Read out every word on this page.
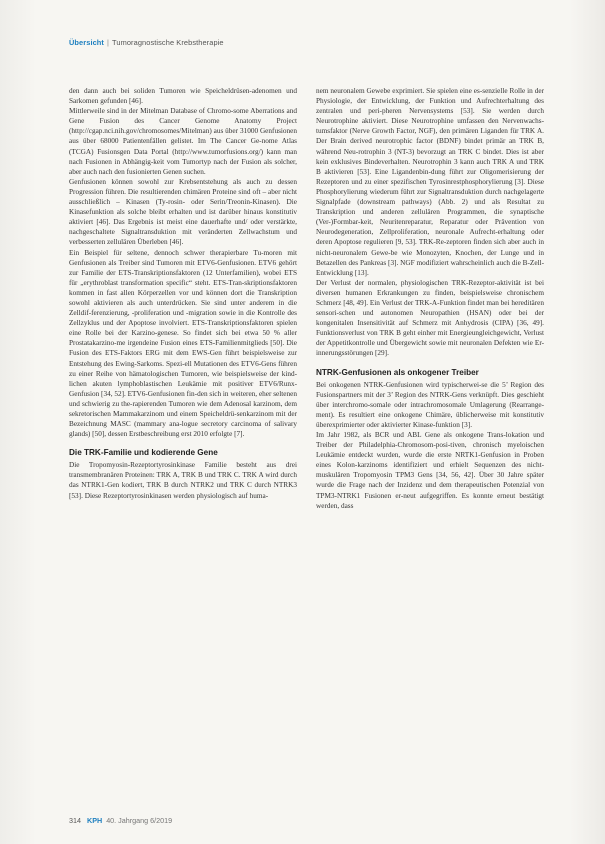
Übersicht | Tumoragnostische Krebstherapie

den dann auch bei soliden Tumoren wie Speicheldrüsen-adenomen und Sarkomen gefunden [46].

Mittlerweile sind in der Mitelman Database of Chromo-some Aberrations and Gene Fusion des Cancer Genome Anatomy Project (http://cgap.nci.nih.gov/chromosomes/Mitelman) aus über 31000 Genfusionen aus über 68000 Patientenfällen gelistet. Im The Cancer Ge-nome Atlas (TCGA) Fusionsgen Data Portal (http://www.tumorfusions.org/) kann man nach Fusionen in Abhängig-keit vom Tumortyp nach der Fusion als solcher, aber auch nach den fusionierten Genen suchen.

Genfusionen können sowohl zur Krebsentstehung als auch zu dessen Progression führen. Die resultierenden chimären Proteine sind oft – aber nicht ausschließlich – Kinasen (Ty-rosin- oder Serin/Treonin-Kinasen). Die Kinasefunktion als solche bleibt erhalten und ist darüber hinaus konstitutiv aktiviert [46]. Das Ergebnis ist meist eine dauerhafte und/ oder verstärkte, nachgeschaltete Signaltransduktion mit veränderten Zellwachstum und verbesserten zellulären Überleben [46].

Ein Beispiel für seltene, dennoch schwer therapierbare Tu-moren mit Genfusionen als Treiber sind Tumoren mit ETV6-Genfusionen. ETV6 gehört zur Familie der ETS-Transkriptionsfaktoren (12 Unterfamilien), wobei ETS für „erythroblast transformation specific“ steht. ETS-Tran-skriptionsfaktoren kommen in fast allen Körperzellen vor und können dort die Transkription sowohl aktivieren als auch unterdrücken. Sie sind unter anderem in die Zelldif-ferenzierung, -proliferation und -migration sowie in die Kontrolle des Zellzyklus und der Apoptose involviert. ETS-Transkriptionsfaktoren spielen eine Rolle bei der Karzino-genese. So findet sich bei etwa 50 % aller Prostatakarzino-me irgendeine Fusion eines ETS-Familienmitglieds [50]. Die Fusion des ETS-Faktors ERG mit dem EWS-Gen führt beispielsweise zur Entstehung des Ewing-Sarkoms. Spezi-ell Mutationen des ETV6-Gens führen zu einer Reihe von hämatologischen Tumoren, wie beispielsweise der kind-lichen akuten lymphoblastischen Leukämie mit positiver ETV6/Runx-Genfusion [34, 52]. ETV6-Genfusionen fin-den sich in weiteren, eher seltenen und schwierig zu the-rapierenden Tumoren wie dem Adenosal karzinom, dem sekretorischen Mammakarzinom und einem Speicheldrü-senkarzinom mit der Bezeichnung MASC (mammary ana-logue secretory carcinoma of salivary glands) [50], dessen Erstbeschreibung erst 2010 erfolgte [7].

Die TRK-Familie und kodierende Gene

Die Tropomyosin-Rezeptortyrosinkinase Familie besteht aus drei transmembranären Proteinen: TRK A, TRK B und TRK C. TRK A wird durch das NTRK1-Gen kodiert, TRK B durch NTRK2 und TRK C durch NTRK3 [53]. Diese Rezeptortyrosinkinasen werden physiologisch auf huma-

nem neuronalem Gewebe exprimiert. Sie spielen eine es-senzielle Rolle in der Physiologie, der Entwicklung, der Funktion und Aufrechterhaltung des zentralen und peri-pheren Nervensystems [53]. Sie werden durch Neurotrophine aktiviert. Diese Neurotrophine umfassen den Nervenwachs-tumsfaktor (Nerve Growth Factor, NGF), den primären Liganden für TRK A. Der Brain derived neurotrophic factor (BDNF) bindet primär an TRK B, während Neu-rotrophin 3 (NT-3) bevorzugt an TRK C bindet. Dies ist aber kein exklusives Bindeverhalten. Neurotrophin 3 kann auch TRK A und TRK B aktivieren [53]. Eine Ligandenbin-dung führt zur Oligomerisierung der Rezeptoren und zu einer spezifischen Tyrosinrestphosphorylierung [3]. Diese Phosphorylierung wiederum führt zur Signaltransduktion durch nachgelagerte Signalpfade (downstream pathways) (Abb. 2) und als Resultat zu Transkription und anderen zellulären Programmen, die synaptische (Ver-)Formbar-keit, Neuritenreparatur, Reparatur oder Prävention von Neurodegeneration, Zellproliferation, neuronale Aufrecht-erhaltung oder deren Apoptose regulieren [9, 53]. TRK-Re-zeptoren finden sich aber auch in nicht-neuronalem Gewe-be wie Monozyten, Knochen, der Lunge und in Betazellen des Pankreas [3]. NGF modifiziert wahrscheinlich auch die B-Zell-Entwicklung [13].

Der Verlust der normalen, physiologischen TRK-Rezeptor-aktivität ist bei diversen humanen Erkrankungen zu finden, beispielsweise chronischem Schmerz [48, 49]. Ein Verlust der TRK-A-Funktion findet man bei hereditären sensori-schen und autonomen Neuropathien (HSAN) oder bei der kongenitalen Insensitivität auf Schmerz mit Anhydrosis (CIPA) [36, 49]. Funktionsverlust von TRK B geht einher mit Energieungleichgewicht, Verlust der Appetitkontrolle und Übergewicht sowie mit neuronalen Defekten wie Er-innerungsstörungen [29].

NTRK-Genfusionen als onkogener Treiber

Bei onkogenen NTRK-Genfusionen wird typischerwei-se die 5’ Region des Fusionspartners mit der 3’ Region des NTRK-Gens verknüpft. Dies geschieht über interchromo-somale oder intrachromosomale Umlagerung (Rearrange-ment). Es resultiert eine onkogene Chimäre, üblicherweise mit konstitutiv überexprimierter oder aktivierter Kinase-funktion [3].

Im Jahr 1982, als BCR und ABL Gene als onkogene Trans-lokation und Treiber der Philadelphia-Chromosom-posi-tiven, chronisch myeloischen Leukämie entdeckt wurden, wurde die erste NRTK1-Genfusion in Proben eines Kolon-karzinoms identifiziert und erhielt Sequenzen des nicht-muskulären Tropomyosin TPM3 Gens [34, 56, 42]. Über 30 Jahre später wurde die Frage nach der Inzidenz und dem therapeutischen Potenzial von TPM3-NTRK1 Fusionen er-neut aufgegriffen. Es konnte erneut bestätigt werden, dass

314 KPH 40. Jahrgang 6/2019
